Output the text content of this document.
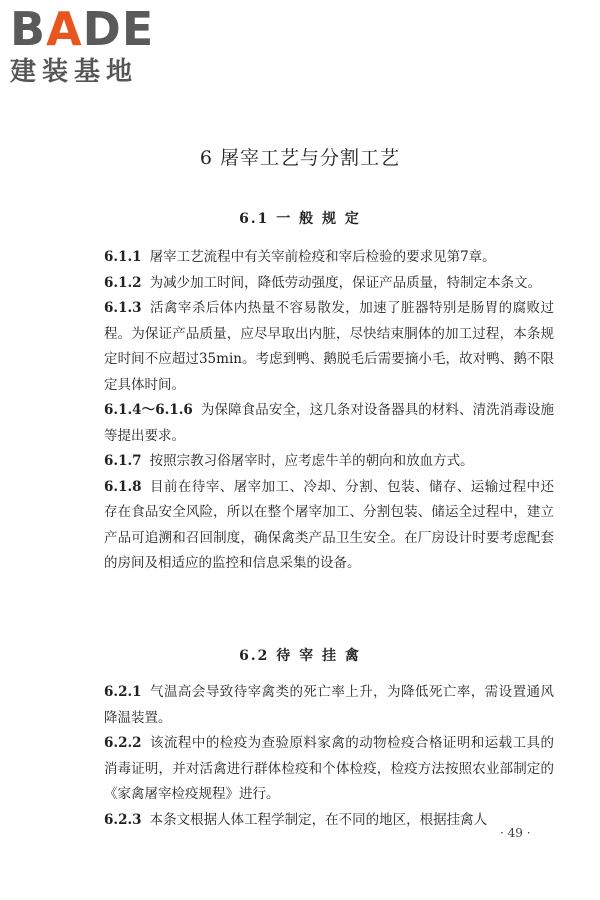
BADE
建装基地
6 屠宰工艺与分割工艺
6.1 一 般 规 定

6.1.1 屠宰工艺流程中有关宰前检疫和宰后检验的要求见第7章。

6.1.2 为减少加工时间，降低劳动强度，保证产品质量，特制定本条文。

6.1.3 活禽宰杀后体内热量不容易散发，加速了脏器特别是肠胃的腐败过程。为保证产品质量，应尽早取出内脏，尽快结束胴体的加工过程，本条规定时间不应超过35min。考虑到鸭、鹅脱毛后需要摘小毛，故对鸭、鹅不限定具体时间。

6.1.4～6.1.6 为保障食品安全，这几条对设备器具的材料、清洗消毒设施等提出要求。

6.1.7 按照宗教习俗屠宰时，应考虑牛羊的朝向和放血方式。

6.1.8 目前在待宰、屠宰加工、冷却、分割、包装、储存、运输过程中还存在食品安全风险，所以在整个屠宰加工、分割包装、储运全过程中，建立产品可追溯和召回制度，确保禽类产品卫生安全。在厂房设计时要考虑配套的房间及相适应的监控和信息采集的设备。

6.2 待 宰 挂 禽

6.2.1 气温高会导致待宰禽类的死亡率上升，为降低死亡率，需设置通风降温装置。

6.2.2 该流程中的检疫为查验原料家禽的动物检疫合格证明和运载工具的消毒证明，并对活禽进行群体检疫和个体检疫，检疫方法按照农业部制定的《家禽屠宰检疫规程》进行。

6.2.3 本条文根据人体工程学制定，在不同的地区，根据挂禽人

· 49 ·
